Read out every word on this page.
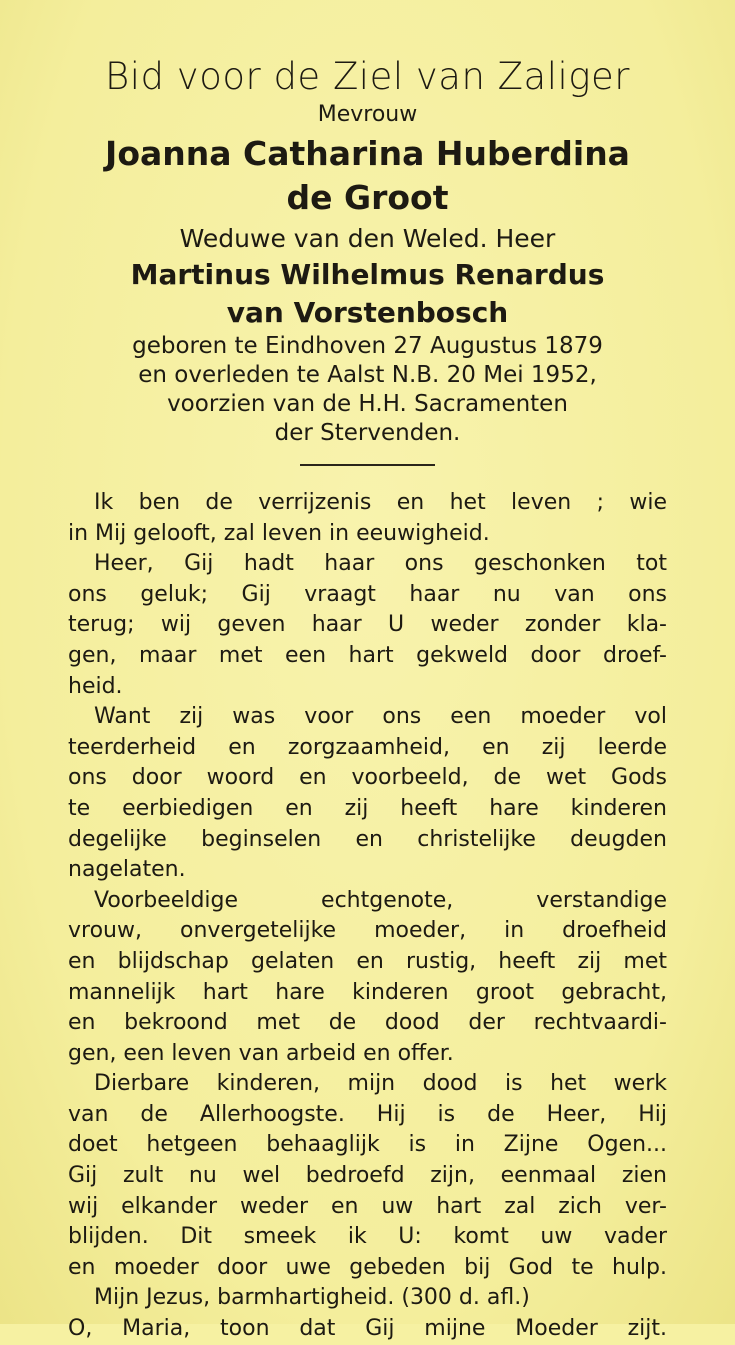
Bid voor de Ziel van Zaliger
Mevrouw
Joanna Catharina Huberdina
de Groot
Weduwe van den Weled. Heer
Martinus Wilhelmus Renardus
van Vorstenbosch
geboren te Eindhoven 27 Augustus 1879
en overleden te Aalst N.B. 20 Mei 1952,
voorzien van de H.H. Sacramenten
der Stervenden.
Ik ben de verrijzenis en het leven ; wie
in Mij gelooft, zal leven in eeuwigheid.
Heer, Gij hadt haar ons geschonken tot
ons geluk; Gij vraagt haar nu van ons
terug; wij geven haar U weder zonder kla-
gen, maar met een hart gekweld door droef-
heid.
Want zij was voor ons een moeder vol
teerderheid en zorgzaamheid, en zij leerde
ons door woord en voorbeeld, de wet Gods
te eerbiedigen en zij heeft hare kinderen
degelijke beginselen en christelijke deugden
nagelaten.
Voorbeeldige echtgenote, verstandige
vrouw, onvergetelijke moeder, in droefheid
en blijdschap gelaten en rustig, heeft zij met
mannelijk hart hare kinderen groot gebracht,
en bekroond met de dood der rechtvaardi-
gen, een leven van arbeid en offer.
Dierbare kinderen, mijn dood is het werk
van de Allerhoogste. Hij is de Heer, Hij
doet hetgeen behaaglijk is in Zijne Ogen...
Gij zult nu wel bedroefd zijn, eenmaal zien
wij elkander weder en uw hart zal zich ver-
blijden. Dit smeek ik U: komt uw vader
en moeder door uwe gebeden bij God te hulp.
Mijn Jezus, barmhartigheid. (300 d. afl.)
O, Maria, toon dat Gij mijne Moeder zijt.
